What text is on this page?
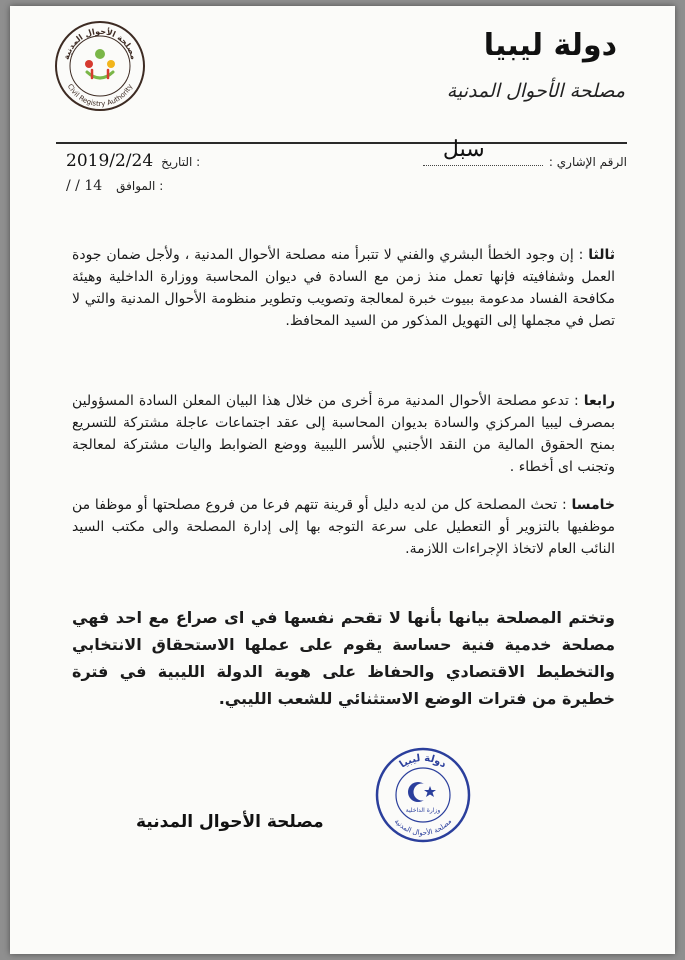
مصلحة الأحوال المدنية
Civil Registry Authority
دولة ليبيا
مصلحة الأحوال المدنية
الرقم الإشاري :
سبل
2019/2/24 التاريخ :
/ / 14 الموافق :
ثالثا : إن وجود الخطأ البشري والفني لا تتبرأ منه مصلحة الأحوال المدنية ، ولأجل ضمان جودة العمل وشفافيته فإنها تعمل منذ زمن مع السادة في ديوان المحاسبة ووزارة الداخلية وهيئة مكافحة الفساد مدعومة ببيوت خبرة لمعالجة وتصويب وتطوير منظومة الأحوال المدنية والتي لا تصل في مجملها إلى التهويل المذكور من السيد المحافظ.
رابعا : تدعو مصلحة الأحوال المدنية مرة أخرى من خلال هذا البيان المعلن السادة المسؤولين بمصرف ليبيا المركزي والسادة بديوان المحاسبة إلى عقد اجتماعات عاجلة مشتركة للتسريع بمنح الحقوق المالية من النقد الأجنبي للأسر الليبية ووضع الضوابط واليات مشتركة لمعالجة وتجنب اى أخطاء .
خامسا : تحث المصلحة كل من لديه دليل أو قرينة تتهم فرعا من فروع مصلحتها أو موظفا من موظفيها بالتزوير أو التعطيل على سرعة التوجه بها إلى إدارة المصلحة والى مكتب السيد النائب العام لاتخاذ الإجراءات اللازمة.
وتختم المصلحة بيانها بأنها لا تقحم نفسها في اى صراع مع احد فهي مصلحة خدمية فنية حساسة يقوم على عملها الاستحقاق الانتخابي والتخطيط الاقتصادي والحفاظ على هوية الدولة الليبية في فترة خطيرة من فترات الوضع الاستثنائي للشعب الليبي.
دولة ليبيا
مصلحة الأحوال المدنية
وزارة الداخلية
مصلحة الأحوال المدنية
